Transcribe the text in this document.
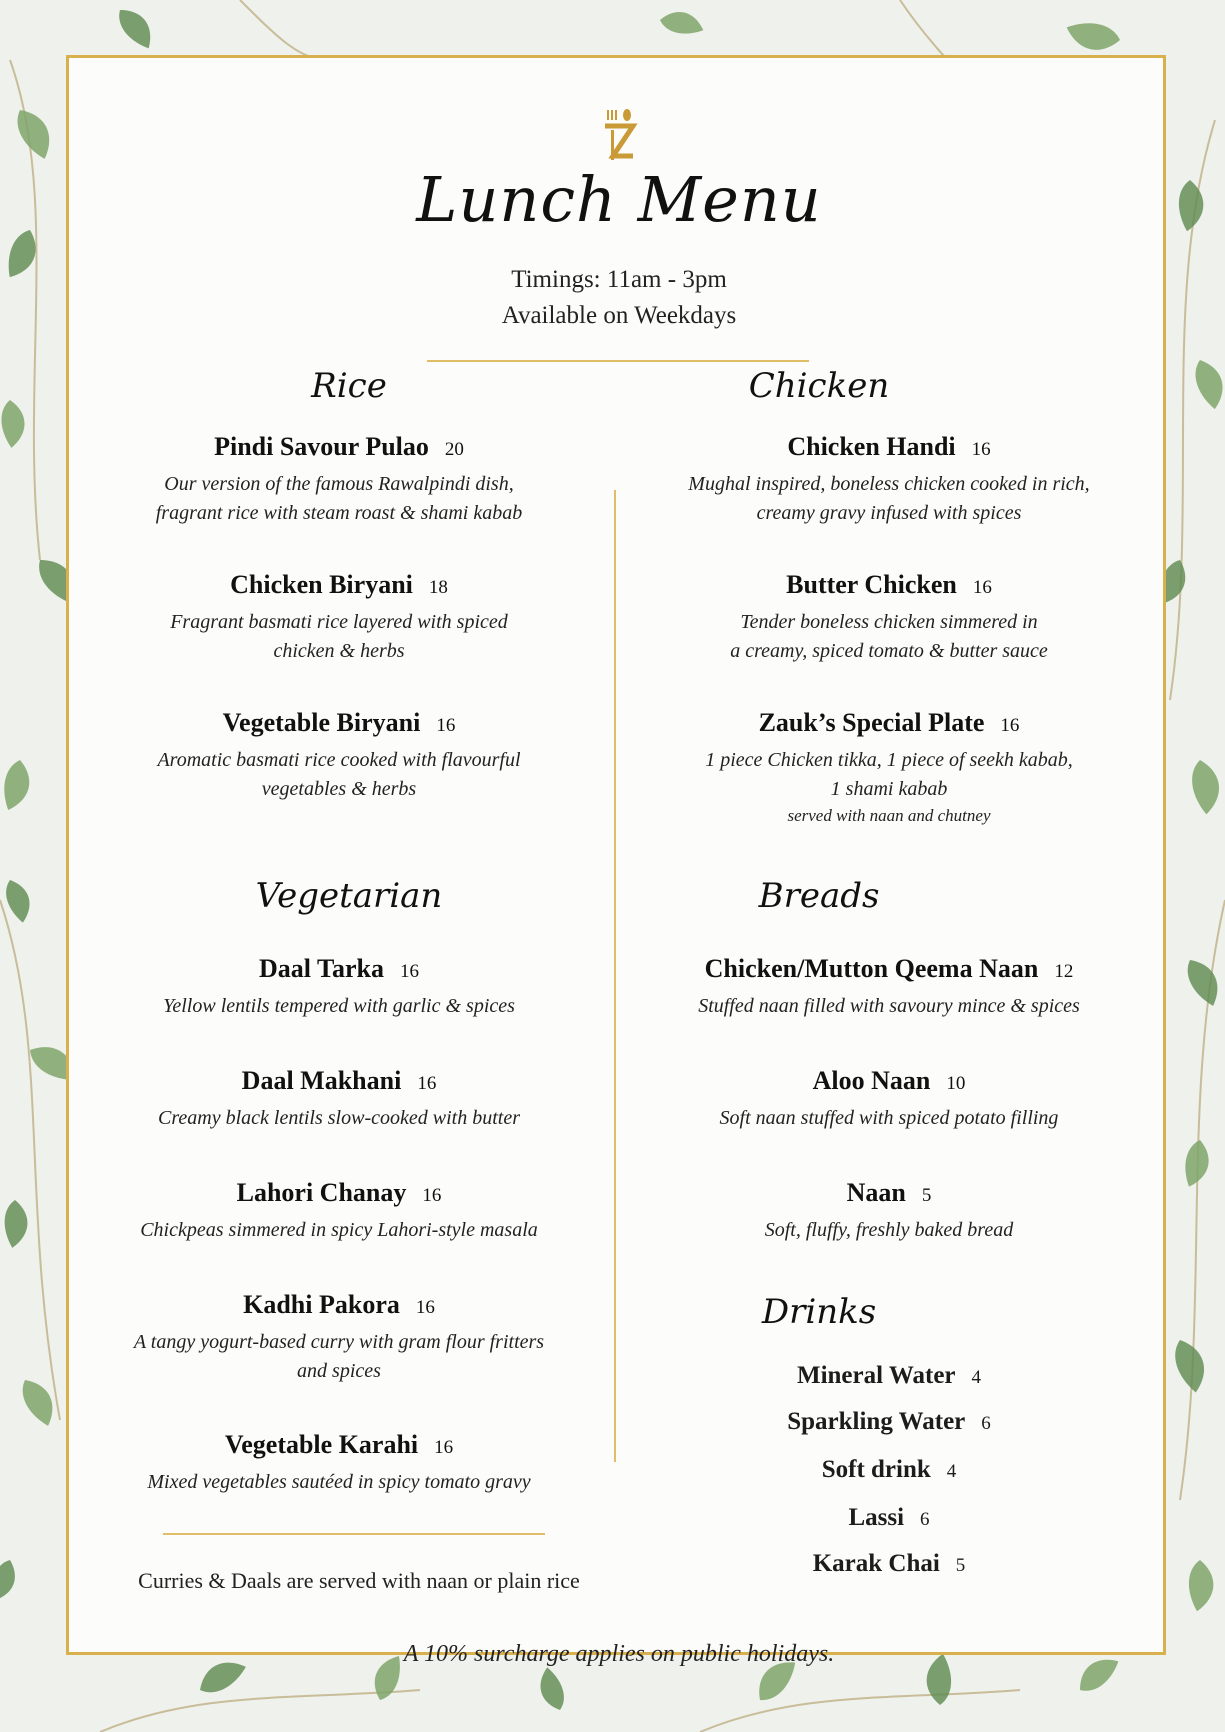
Lunch Menu
Timings: 11am - 3pm
Available on Weekdays
Rice
Pindi Savour Pulao 20
Our version of the famous Rawalpindi dish,
fragrant rice with steam roast & shami kabab
Chicken Biryani 18
Fragrant basmati rice layered with spiced
chicken & herbs
Vegetable Biryani 16
Aromatic basmati rice cooked with flavourful
vegetables & herbs
Chicken
Chicken Handi 16
Mughal inspired, boneless chicken cooked in rich,
creamy gravy infused with spices
Butter Chicken 16
Tender boneless chicken simmered in
a creamy, spiced tomato & butter sauce
Zauk’s Special Plate 16
1 piece Chicken tikka, 1 piece of seekh kabab,
1 shami kabab
served with naan and chutney
Vegetarian
Daal Tarka 16
Yellow lentils tempered with garlic & spices
Daal Makhani 16
Creamy black lentils slow-cooked with butter
Lahori Chanay 16
Chickpeas simmered in spicy Lahori-style masala
Kadhi Pakora 16
A tangy yogurt-based curry with gram flour fritters
and spices
Vegetable Karahi 16
Mixed vegetables sautéed in spicy tomato gravy
Breads
Chicken/Mutton Qeema Naan 12
Stuffed naan filled with savoury mince & spices
Aloo Naan 10
Soft naan stuffed with spiced potato filling
Naan 5
Soft, fluffy, freshly baked bread
Drinks
Mineral Water 4
Sparkling Water 6
Soft drink 4
Lassi 6
Karak Chai 5
Curries & Daals are served with naan or plain rice
A 10% surcharge applies on public holidays.
